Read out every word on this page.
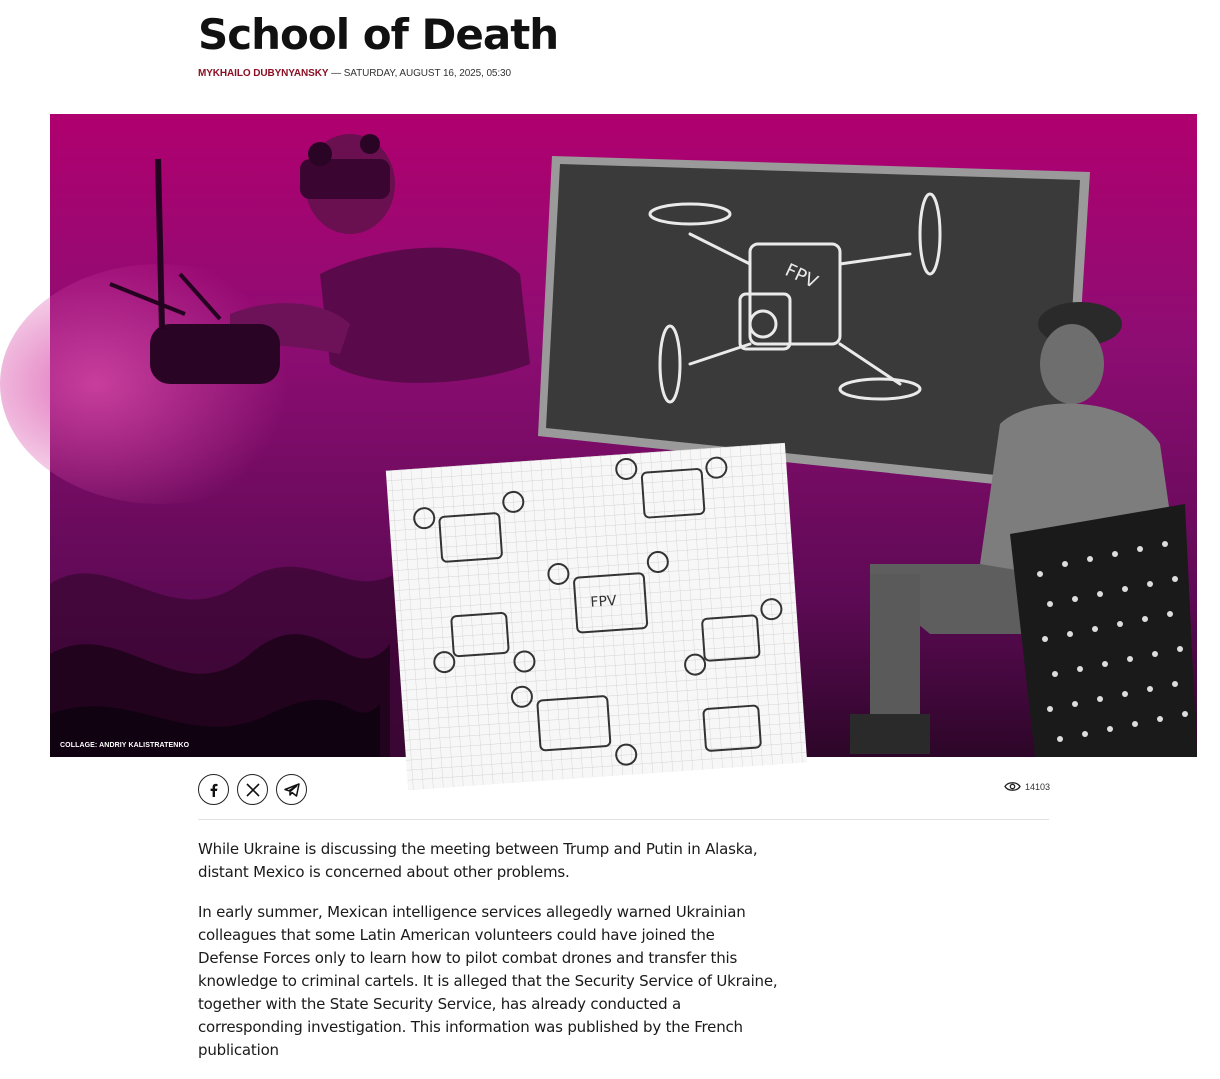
School of Death
MYKHAILO DUBYNYANSKY — SATURDAY, AUGUST 16, 2025, 05:30
FPV
FPV
COLLAGE: ANDRIY KALISTRATENKO
14103

While Ukraine is discussing the meeting between Trump and Putin in Alaska, distant Mexico is concerned about other problems.

In early summer, Mexican intelligence services allegedly warned Ukrainian colleagues that some Latin American volunteers could have joined the Defense Forces only to learn how to pilot combat drones and transfer this knowledge to criminal cartels. It is alleged that the Security Service of Ukraine, together with the State Security Service, has already conducted a corresponding investigation. This information was published by the French publication
